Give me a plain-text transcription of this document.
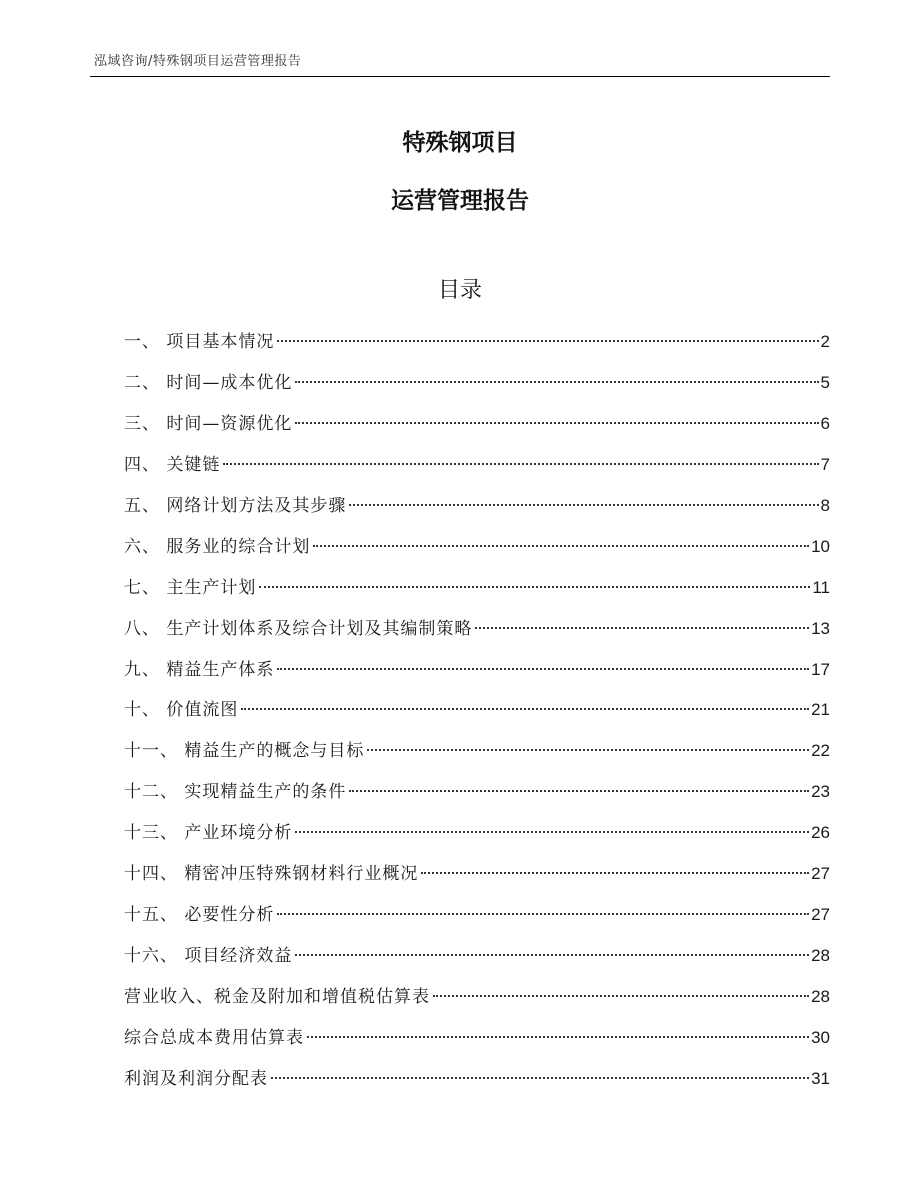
泓域咨询/特殊钢项目运营管理报告
特殊钢项目
运营管理报告
目录
一、 项目基本情况	2
二、 时间—成本优化	5
三、 时间—资源优化	6
四、 关键链	7
五、 网络计划方法及其步骤	8
六、 服务业的综合计划	10
七、 主生产计划	11
八、 生产计划体系及综合计划及其编制策略	13
九、 精益生产体系	17
十、 价值流图	21
十一、 精益生产的概念与目标	22
十二、 实现精益生产的条件	23
十三、 产业环境分析	26
十四、 精密冲压特殊钢材料行业概况	27
十五、 必要性分析	27
十六、 项目经济效益	28
营业收入、税金及附加和增值税估算表	28
综合总成本费用估算表	30
利润及利润分配表	31
